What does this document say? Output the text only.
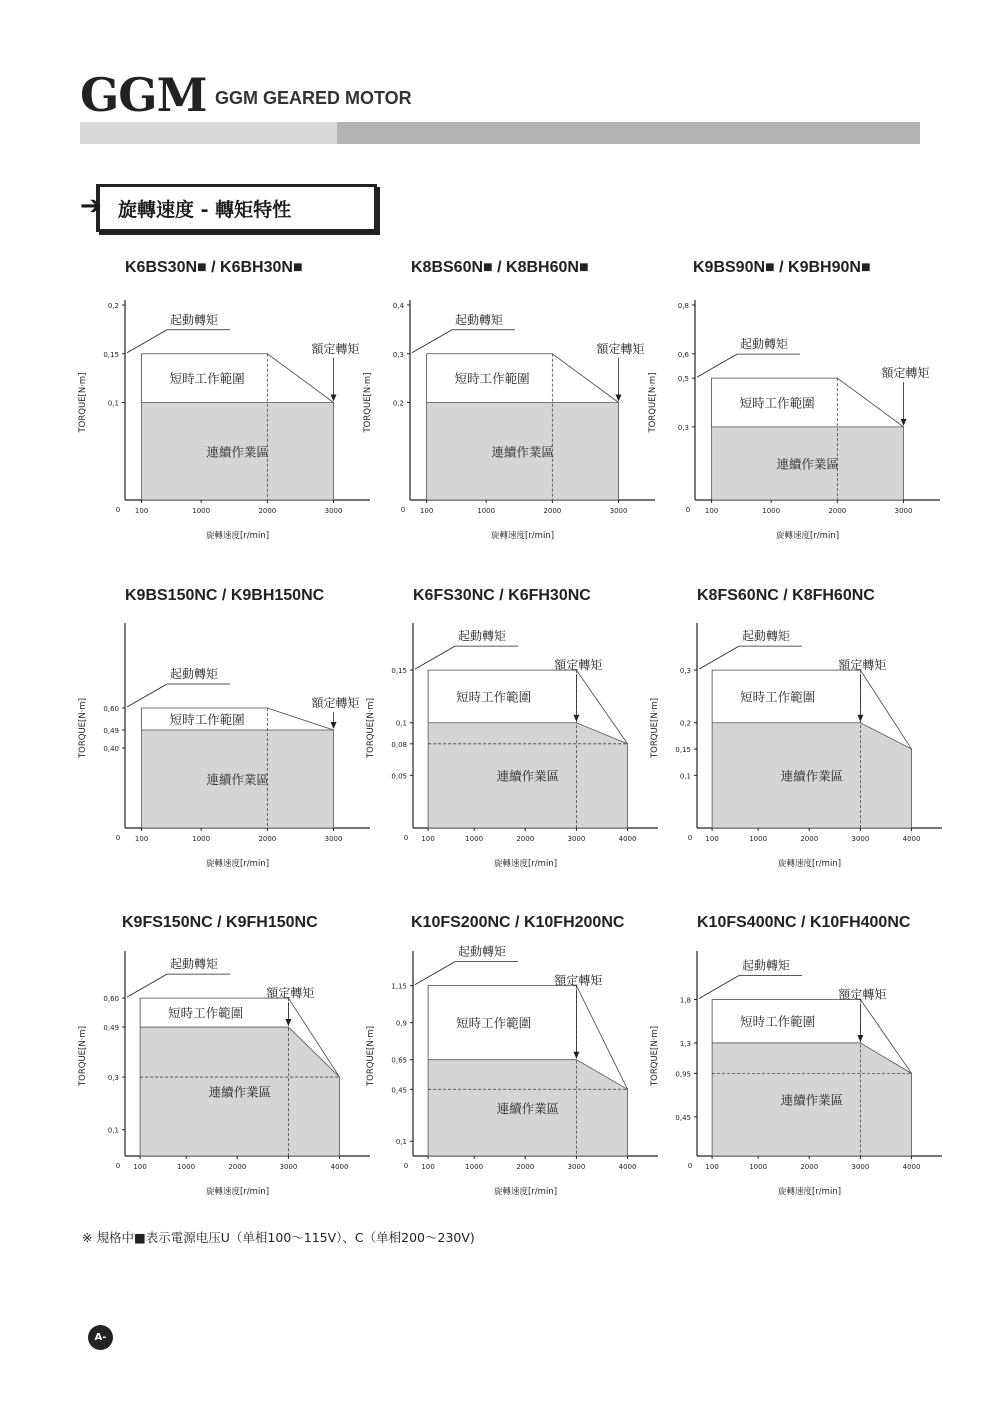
GGM GGM GEARED MOTOR
➔ 旋轉速度 - 轉矩特性
K6BS30N■ / K6BH30N■	K8BS60N■ / K8BH60N■	K9BS90N■ / K9BH90N■
K9BS150NC / K9BH150NC	K6FS30NC / K6FH30NC	K8FS60NC / K8FH60NC
K9FS150NC / K9FH150NC	K10FS200NC / K10FH200NC	K10FS400NC / K10FH400NC
0
0,2
0,15
0,1
100	1000	2000	3000
旋轉速度[r/min]
TORQUE[N·m]
起動轉矩
額定轉矩
短時工作範圍
連續作業區
0
0,4
0,3
0,2
100	1000	2000	3000
旋轉速度[r/min]
TORQUE[N·m]
起動轉矩
額定轉矩
短時工作範圍
連續作業區
0
0,8
0,6
0,5
0,3
100	1000	2000	3000
旋轉速度[r/min]
TORQUE[N·m]
起動轉矩
額定轉矩
短時工作範圍
連續作業區
0
0,60
0,49
0,40
100	1000	2000	3000
旋轉速度[r/min]
TORQUE[N·m]
起動轉矩
額定轉矩
短時工作範圍
連續作業區
0
0,15
0,1
0,08
0,05
100	1000	2000	3000	4000
旋轉速度[r/min]
TORQUE[N·m]
起動轉矩
額定轉矩
短時工作範圍
連續作業區
0
0,3
0,2
0,15
0,1
100	1000	2000	3000	4000
旋轉速度[r/min]
TORQUE[N·m]
起動轉矩
額定轉矩
短時工作範圍
連續作業區
0
0,60
0,49
0,3
0,1
100	1000	2000	3000	4000
旋轉速度[r/min]
TORQUE[N·m]
起動轉矩
額定轉矩
短時工作範圍
連續作業區
0
1,15
0,9
0,65
0,45
0,1
100	1000	2000	3000	4000
旋轉速度[r/min]
TORQUE[N·m]
起動轉矩
額定轉矩
短時工作範圍
連續作業區
0
1,8
1,3
0,95
0,45
100	1000	2000	3000	4000
旋轉速度[r/min]
TORQUE[N·m]
起動轉矩
額定轉矩
短時工作範圍
連續作業區
※ 規格中■表示電源电压U（单相100〜115V）、C（单相200〜230V)
A-22
